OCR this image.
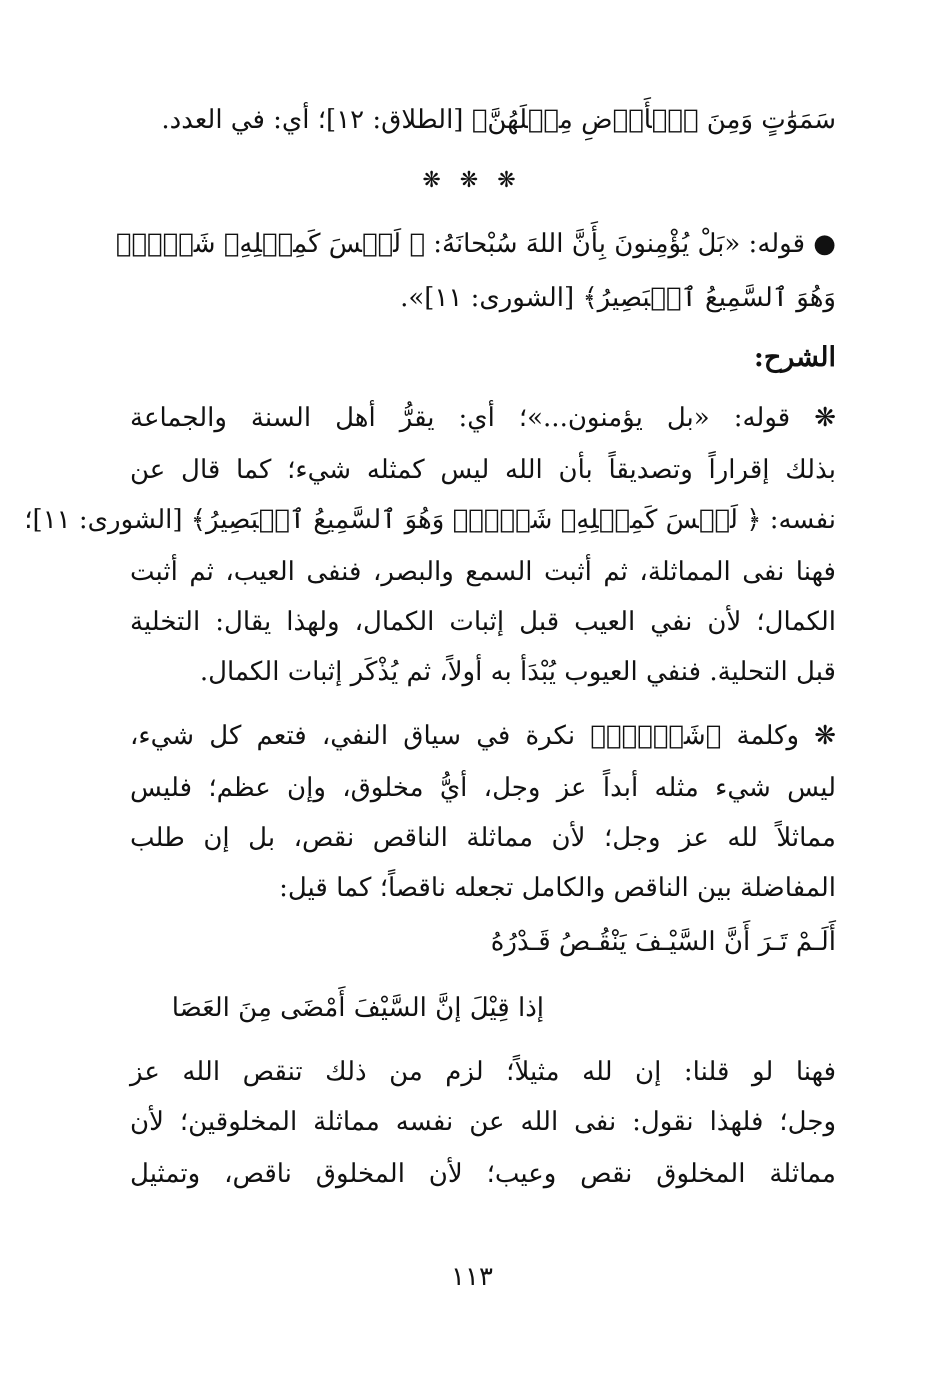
سَمَوَٰتٍ وَمِنَ ٱلۡأَرۡضِ مِثۡلَهُنَّ﴾ [الطلاق: ١٢]؛ أي: في العدد.
❋ ❋ ❋
● قوله: «بَلْ يُؤْمِنونَ بِأَنَّ اللهَ سُبْحانَهُ: ﴿ لَيۡسَ كَمِثۡلِهِۦ شَيۡءٞۖ
وَهُوَ ٱلسَّمِيعُ ٱلۡبَصِيرُ﴾ [الشورى: ١١]».
الشرح:
❋ قوله: «بل يؤمنون...»؛ أي: يقرُّ أهل السنة والجماعة
بذلك إقراراً وتصديقاً بأن الله ليس كمثله شيء؛ كما قال عن
نفسه: ﴿ لَيۡسَ كَمِثۡلِهِۦ شَيۡءٞۖ وَهُوَ ٱلسَّمِيعُ ٱلۡبَصِيرُ﴾ [الشورى: ١١]؛
فهنا نفى المماثلة، ثم أثبت السمع والبصر، فنفى العيب، ثم أثبت
الكمال؛ لأن نفي العيب قبل إثبات الكمال، ولهذا يقال: التخلية
قبل التحلية. فنفي العيوب يُبْدَأ به أولاً، ثم يُذْكَر إثبات الكمال.
❋ وكلمة ﴿شَيۡءٞۖ﴾ نكرة في سياق النفي، فتعم كل شيء،
ليس شيء مثله أبداً عز وجل، أيُّ مخلوق، وإن عظم؛ فليس
مماثلاً لله عز وجل؛ لأن مماثلة الناقص نقص، بل إن طلب
المفاضلة بين الناقص والكامل تجعله ناقصاً؛ كما قيل:
أَلَـمْ تَـرَ أَنَّ السَّيْـفَ يَنْقُـصُ قَـدْرُهُ
إذا قِيْلَ إنَّ السَّيْفَ أَمْضَى مِنَ العَصَا
فهنا لو قلنا: إن لله مثيلاً؛ لزم من ذلك تنقص الله عز
وجل؛ فلهذا نقول: نفى الله عن نفسه مماثلة المخلوقين؛ لأن
مماثلة المخلوق نقص وعيب؛ لأن المخلوق ناقص، وتمثيل
١١٣
